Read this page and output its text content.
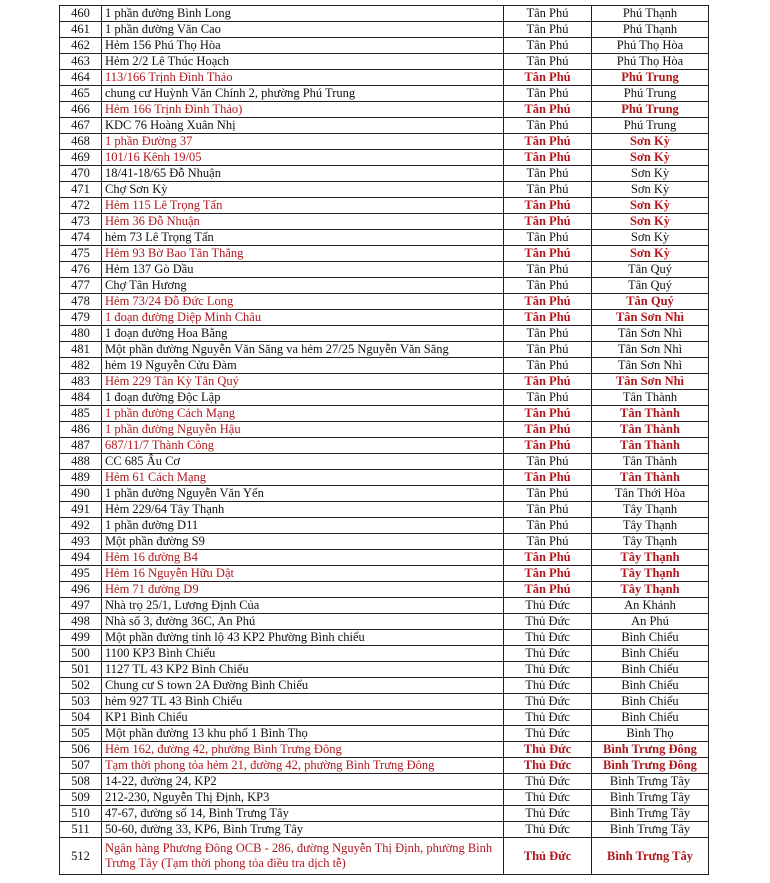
460	1 phần đường Bình Long	Tân Phú	Phú Thạnh
461	1 phần đường Văn Cao	Tân Phú	Phú Thạnh
462	Hẻm 156 Phú Thọ Hòa	Tân Phú	Phú Thọ Hòa
463	Hẻm 2/2 Lê Thúc Hoạch	Tân Phú	Phú Thọ Hòa
464	113/166 Trịnh Đình Thảo	Tân Phú	Phú Trung
465	chung cư Huỳnh Văn Chính 2, phường Phú Trung	Tân Phú	Phú Trung
466	Hẻm 166 Trịnh Đình Thảo)	Tân Phú	Phú Trung
467	KDC 76 Hoàng Xuân Nhị	Tân Phú	Phú Trung
468	1 phần Đường 37	Tân Phú	Sơn Kỳ
469	101/16 Kênh 19/05	Tân Phú	Sơn Kỳ
470	18/41-18/65 Đỗ Nhuận	Tân Phú	Sơn Kỳ
471	Chợ Sơn Kỳ	Tân Phú	Sơn Kỳ
472	Hẻm 115 Lê Trọng Tấn	Tân Phú	Sơn Kỳ
473	Hẻm 36 Đỗ Nhuận	Tân Phú	Sơn Kỳ
474	hẻm 73 Lê Trọng Tấn	Tân Phú	Sơn Kỳ
475	Hẻm 93 Bờ Bao Tân Thắng	Tân Phú	Sơn Kỳ
476	Hẻm 137 Gò Dầu	Tân Phú	Tân Quý
477	Chợ Tân Hương	Tân Phú	Tân Quý
478	Hẻm 73/24 Đỗ Đức Long	Tân Phú	Tân Quý
479	1 đoạn đường Diệp Minh Châu	Tân Phú	Tân Sơn Nhì
480	1 đoạn đường Hoa Bằng	Tân Phú	Tân Sơn Nhì
481	Một phần đường Nguyễn Văn Săng va hẻm 27/25 Nguyễn Văn Săng	Tân Phú	Tân Sơn Nhì
482	hẻm 19 Nguyễn Cửu Đàm	Tân Phú	Tân Sơn Nhì
483	Hẻm 229 Tân Kỳ Tân Quý	Tân Phú	Tân Sơn Nhì
484	1 đoạn đường Độc Lập	Tân Phú	Tân Thành
485	1 phần đường Cách Mạng	Tân Phú	Tân Thành
486	1 phần đường Nguyễn Hậu	Tân Phú	Tân Thành
487	687/11/7 Thành Công	Tân Phú	Tân Thành
488	CC 685 Âu Cơ	Tân Phú	Tân Thành
489	Hẻm 61 Cách Mạng	Tân Phú	Tân Thành
490	1 phần đường Nguyễn Văn Yến	Tân Phú	Tân Thới Hòa
491	Hẻm 229/64 Tây Thạnh	Tân Phú	Tây Thạnh
492	1 phần đường D11	Tân Phú	Tây Thạnh
493	Một phần đường S9	Tân Phú	Tây Thạnh
494	Hẻm 16 đường B4	Tân Phú	Tây Thạnh
495	Hẻm 16 Nguyễn Hữu Dật	Tân Phú	Tây Thạnh
496	Hẻm 71 đường D9	Tân Phú	Tây Thạnh
497	Nhà trọ 25/1, Lương Định Của	Thủ Đức	An Khánh
498	Nhà số 3, đường 36C, An Phú	Thủ Đức	An Phú
499	Một phần đường tỉnh lộ 43 KP2 Phường Bình chiểu	Thủ Đức	Bình Chiểu
500	1100 KP3 Bình Chiểu	Thủ Đức	Bình Chiểu
501	1127 TL 43 KP2 Bình Chiểu	Thủ Đức	Bình Chiểu
502	Chung cư S town 2A Đường Bình Chiểu	Thủ Đức	Bình Chiểu
503	hẻm 927 TL 43 Bình Chiểu	Thủ Đức	Bình Chiểu
504	KP1 Bình Chiểu	Thủ Đức	Bình Chiểu
505	Một phần đường 13 khu phố 1 Bình Thọ	Thủ Đức	Bình Thọ
506	Hẻm 162, đường 42, phường Bình Trưng Đông	Thủ Đức	Bình Trưng Đông
507	Tạm thời phong tỏa hẻm 21, đường 42, phường Bình Trưng Đông	Thủ Đức	Bình Trưng Đông
508	14-22, đường 24, KP2	Thủ Đức	Bình Trưng Tây
509	212-230, Nguyễn Thị Định, KP3	Thủ Đức	Bình Trưng Tây
510	47-67, đường số 14, Bình Trưng Tây	Thủ Đức	Bình Trưng Tây
511	50-60, đường 33, KP6, Bình Trưng Tây	Thủ Đức	Bình Trưng Tây
512	Ngân hàng Phương Đông OCB - 286, đường Nguyễn Thị Định, phường Bình Trưng Tây (Tạm thời phong tỏa điều tra dịch tễ)	Thủ Đức	Bình Trưng Tây
